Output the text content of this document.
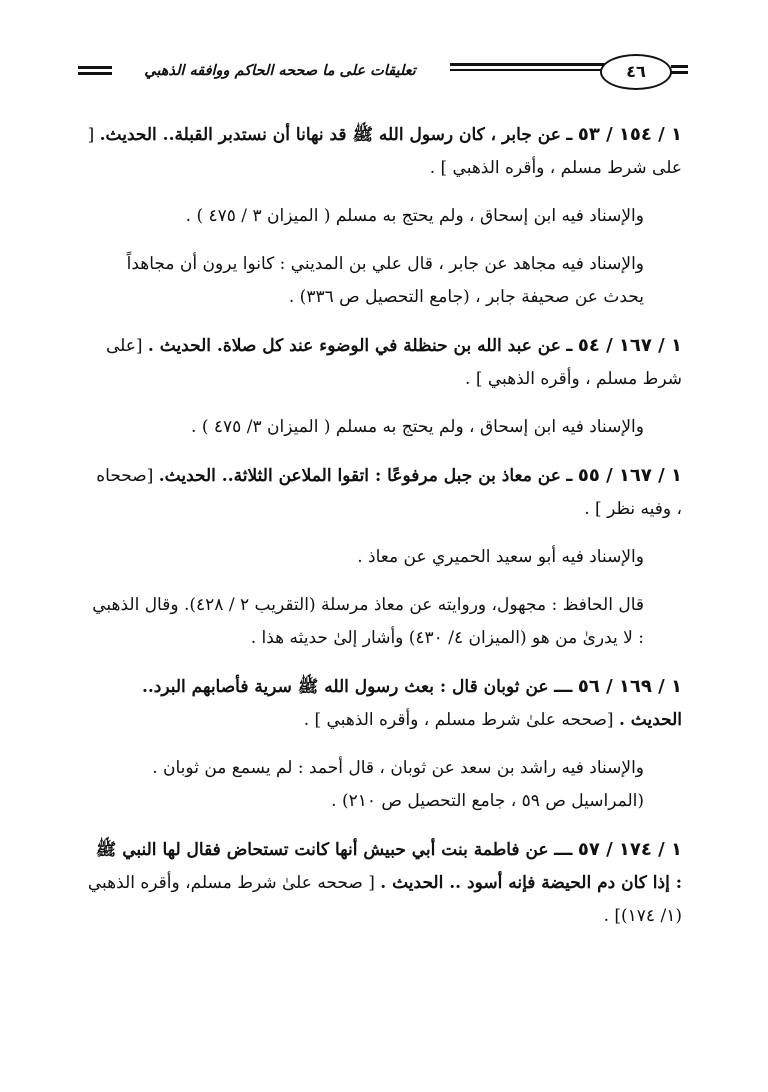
تعليقات على ما صححه الحاكم ووافقه الذهبي	٤٦

١ / ١٥٤ / ٥٣ ـ عن جابر ، كان رسول الله ﷺ قد نهانا أن نستدبر القبلة.. الحديث. [ على شرط مسلم ، وأقره الذهبي ] .

والإسناد فيه ابن إسحاق ، ولم يحتج به مسلم ( الميزان ٣ / ٤٧٥ ) .

والإسناد فيه مجاهد عن جابر ، قال علي بن المديني : كانوا يرون أن مجاهداً يحدث عن صحيفة جابر ، (جامع التحصيل ص ٣٣٦) .

١ / ١٦٧ / ٥٤ ـ عن عبد الله بن حنظلة في الوضوء عند كل صلاة. الحديث . [على شرط مسلم ، وأقره الذهبي ] .

والإسناد فيه ابن إسحاق ، ولم يحتج به مسلم ( الميزان ٣/ ٤٧٥ ) .

١ / ١٦٧ / ٥٥ ـ عن معاذ بن جبل مرفوعًا : اتقوا الملاعن الثلاثة.. الحديث. [صححاه ، وفيه نظر ] .

والإسناد فيه أبو سعيد الحميري عن معاذ .

قال الحافظ : مجهول، وروايته عن معاذ مرسلة (التقريب ٢ / ٤٢٨). وقال الذهبي : لا يدرىٰ من هو (الميزان ٤/ ٤٣٠) وأشار إلىٰ حديثه هذا .

١ / ١٦٩ / ٥٦ ـــ عن ثوبان قال : بعث رسول الله ﷺ سرية فأصابهم البرد.. الحديث . [صححه علىٰ شرط مسلم ، وأقره الذهبي ] .

والإسناد فيه راشد بن سعد عن ثوبان ، قال أحمد : لم يسمع من ثوبان . (المراسيل ص ٥٩ ، جامع التحصيل ص ٢١٠) .

١ / ١٧٤ / ٥٧ ـــ عن فاطمة بنت أبي حبيش أنها كانت تستحاض فقال لها النبي ﷺ : إذا كان دم الحيضة فإنه أسود .. الحديث . [ صححه علىٰ شرط مسلم، وأقره الذهبي (١/ ١٧٤)] .
